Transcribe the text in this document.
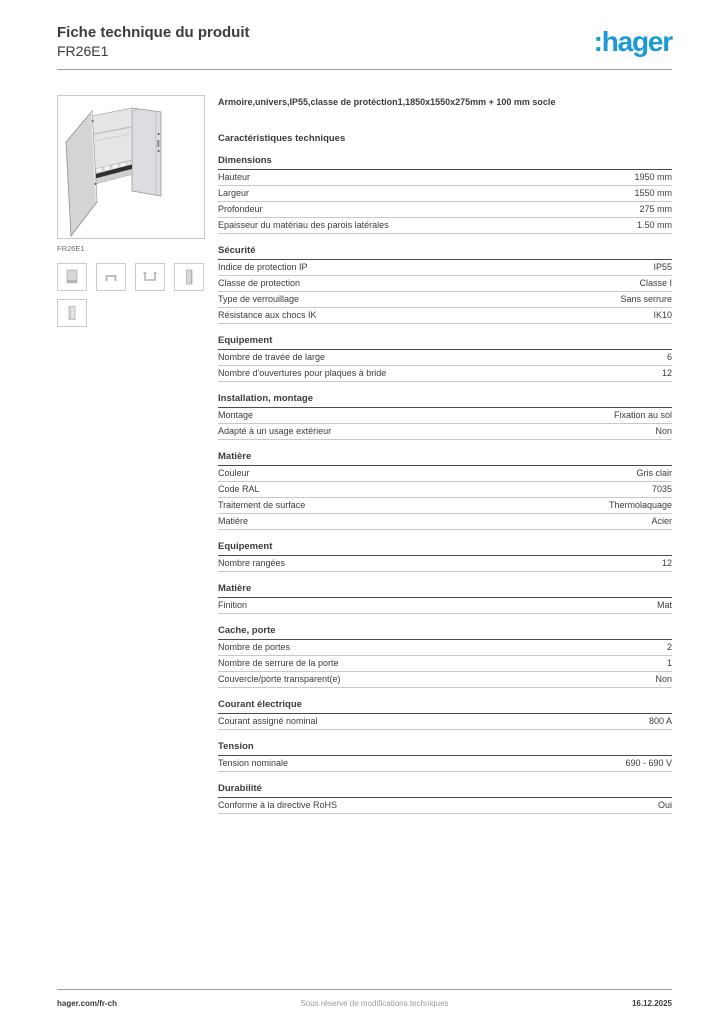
Fiche technique du produit
FR26E1	:hager
FR26E1

Armoire,univers,IP55,classe de protéction1,1850x1550x275mm + 100 mm socle

Caractéristiques techniques
Dimensions
Hauteur	1950 mm
Largeur	1550 mm
Profondeur	275 mm
Epaisseur du matériau des parois latérales	1.50 mm
Sécurité
Indice de protection IP	IP55
Classe de protection	Classe I
Type de verrouillage	Sans serrure
Résistance aux chocs IK	IK10
Equipement
Nombre de travée de large	6
Nombre d'ouvertures pour plaques à bride	12
Installation, montage
Montage	Fixation au sol
Adapté à un usage extérieur	Non
Matière
Couleur	Gris clair
Code RAL	7035
Traitement de surface	Thermolaquage
Matière	Acier
Equipement
Nombre rangées	12
Matière
Finition	Mat
Cache, porte
Nombre de portes	2
Nombre de serrure de la porte	1
Couvercle/porte transparent(e)	Non
Courant électrique
Courant assigné nominal	800 A
Tension
Tension nominale	690 - 690 V
Durabilité
Conforme à la directive RoHS	Oui
hager.com/fr-ch	Sous réserve de modifications techniques	16.12.2025
